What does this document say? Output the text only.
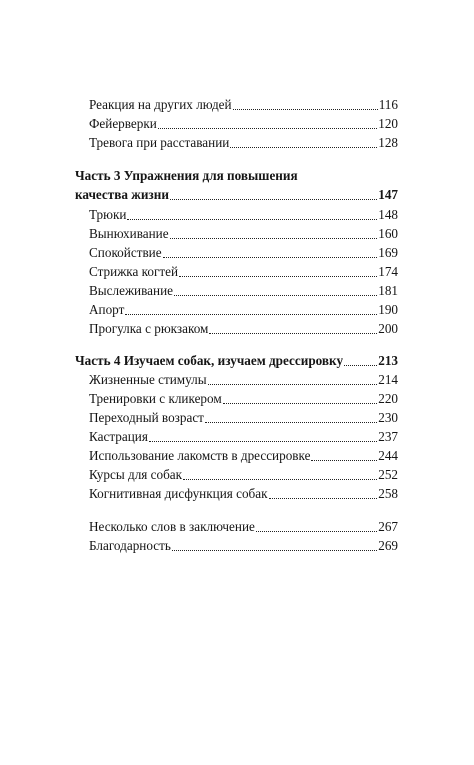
Реакция на других людей	116
Фейерверки	120
Тревога при расставании	128
Часть 3 Упражнения для повышения
качества жизни	147
Трюки	148
Вынюхивание	160
Спокойствие	169
Стрижка когтей	174
Выслеживание	181
Апорт	190
Прогулка с рюкзаком	200
Часть 4 Изучаем собак, изучаем дрессировку	213
Жизненные стимулы	214
Тренировки с кликером	220
Переходный возраст	230
Кастрация	237
Использование лакомств в дрессировке	244
Курсы для собак	252
Когнитивная дисфункция собак	258
Несколько слов в заключение	267
Благодарность	269
